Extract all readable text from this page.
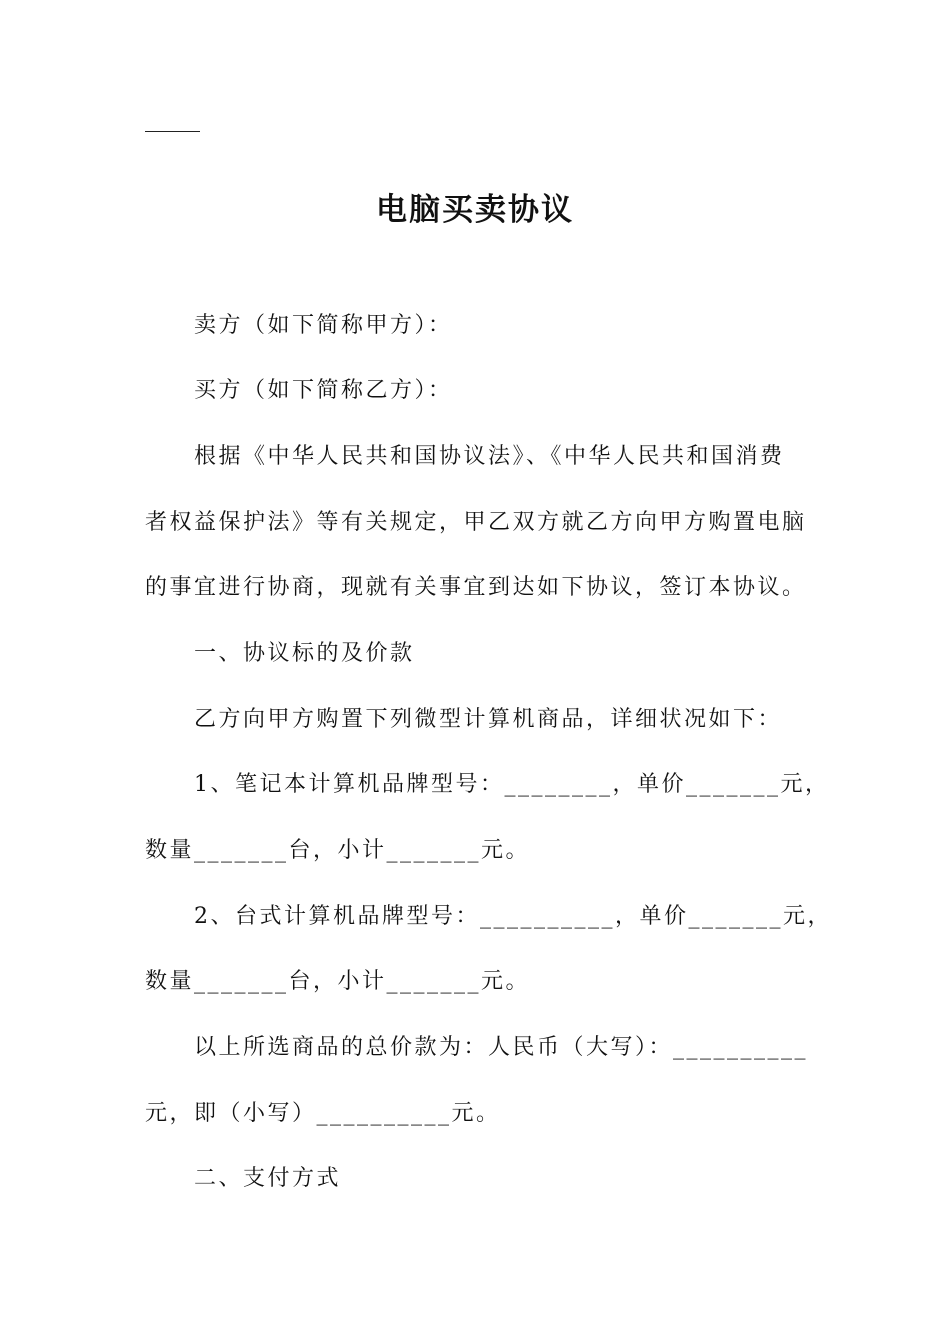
电脑买卖协议
卖方（如下简称甲方）：
买方（如下简称乙方）：
根据《中华人民共和国协议法》、《中华人民共和国消费
者权益保护法》等有关规定，甲乙双方就乙方向甲方购置电脑
的事宜进行协商，现就有关事宜到达如下协议，签订本协议。
一、协议标的及价款
乙方向甲方购置下列微型计算机商品，详细状况如下：
1、笔记本计算机品牌型号：________，单价_______元，
数量_______台，小计_______元。
2、台式计算机品牌型号：__________，单价_______元，
数量_______台，小计_______元。
以上所选商品的总价款为：人民币（大写）：__________
元，即（小写）__________元。
二、支付方式
